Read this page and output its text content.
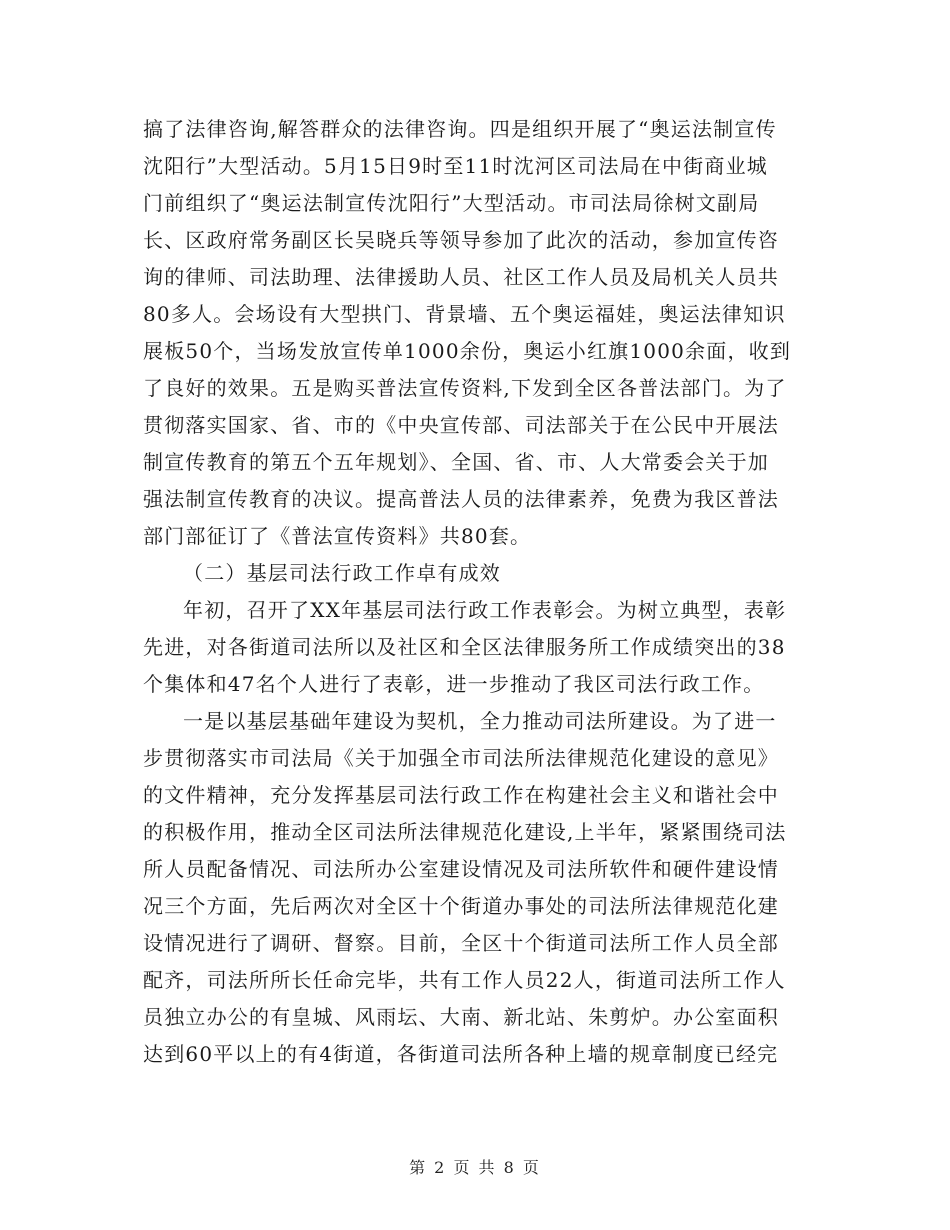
搞了法律咨询,解答群众的法律咨询。四是组织开展了“奥运法制宣传
沈阳行”大型活动。5月15日9时至11时沈河区司法局在中街商业城
门前组织了“奥运法制宣传沈阳行”大型活动。市司法局徐树文副局
长、区政府常务副区长吴晓兵等领导参加了此次的活动，参加宣传咨
询的律师、司法助理、法律援助人员、社区工作人员及局机关人员共
80多人。会场设有大型拱门、背景墙、五个奥运福娃，奥运法律知识
展板50个，当场发放宣传单1000余份，奥运小红旗1000余面，收到
了良好的效果。五是购买普法宣传资料,下发到全区各普法部门。为了
贯彻落实国家、省、市的《中央宣传部、司法部关于在公民中开展法
制宣传教育的第五个五年规划》、全国、省、市、人大常委会关于加
强法制宣传教育的决议。提高普法人员的法律素养，免费为我区普法
部门部征订了《普法宣传资料》共80套。
（二）基层司法行政工作卓有成效
年初，召开了XX年基层司法行政工作表彰会。为树立典型，表彰
先进，对各街道司法所以及社区和全区法律服务所工作成绩突出的38
个集体和47名个人进行了表彰，进一步推动了我区司法行政工作。
一是以基层基础年建设为契机，全力推动司法所建设。为了进一
步贯彻落实市司法局《关于加强全市司法所法律规范化建设的意见》
的文件精神，充分发挥基层司法行政工作在构建社会主义和谐社会中
的积极作用，推动全区司法所法律规范化建设,上半年，紧紧围绕司法
所人员配备情况、司法所办公室建设情况及司法所软件和硬件建设情
况三个方面，先后两次对全区十个街道办事处的司法所法律规范化建
设情况进行了调研、督察。目前，全区十个街道司法所工作人员全部
配齐，司法所所长任命完毕，共有工作人员22人，街道司法所工作人
员独立办公的有皇城、风雨坛、大南、新北站、朱剪炉。办公室面积
达到60平以上的有4街道，各街道司法所各种上墙的规章制度已经完
第 2 页 共 8 页
